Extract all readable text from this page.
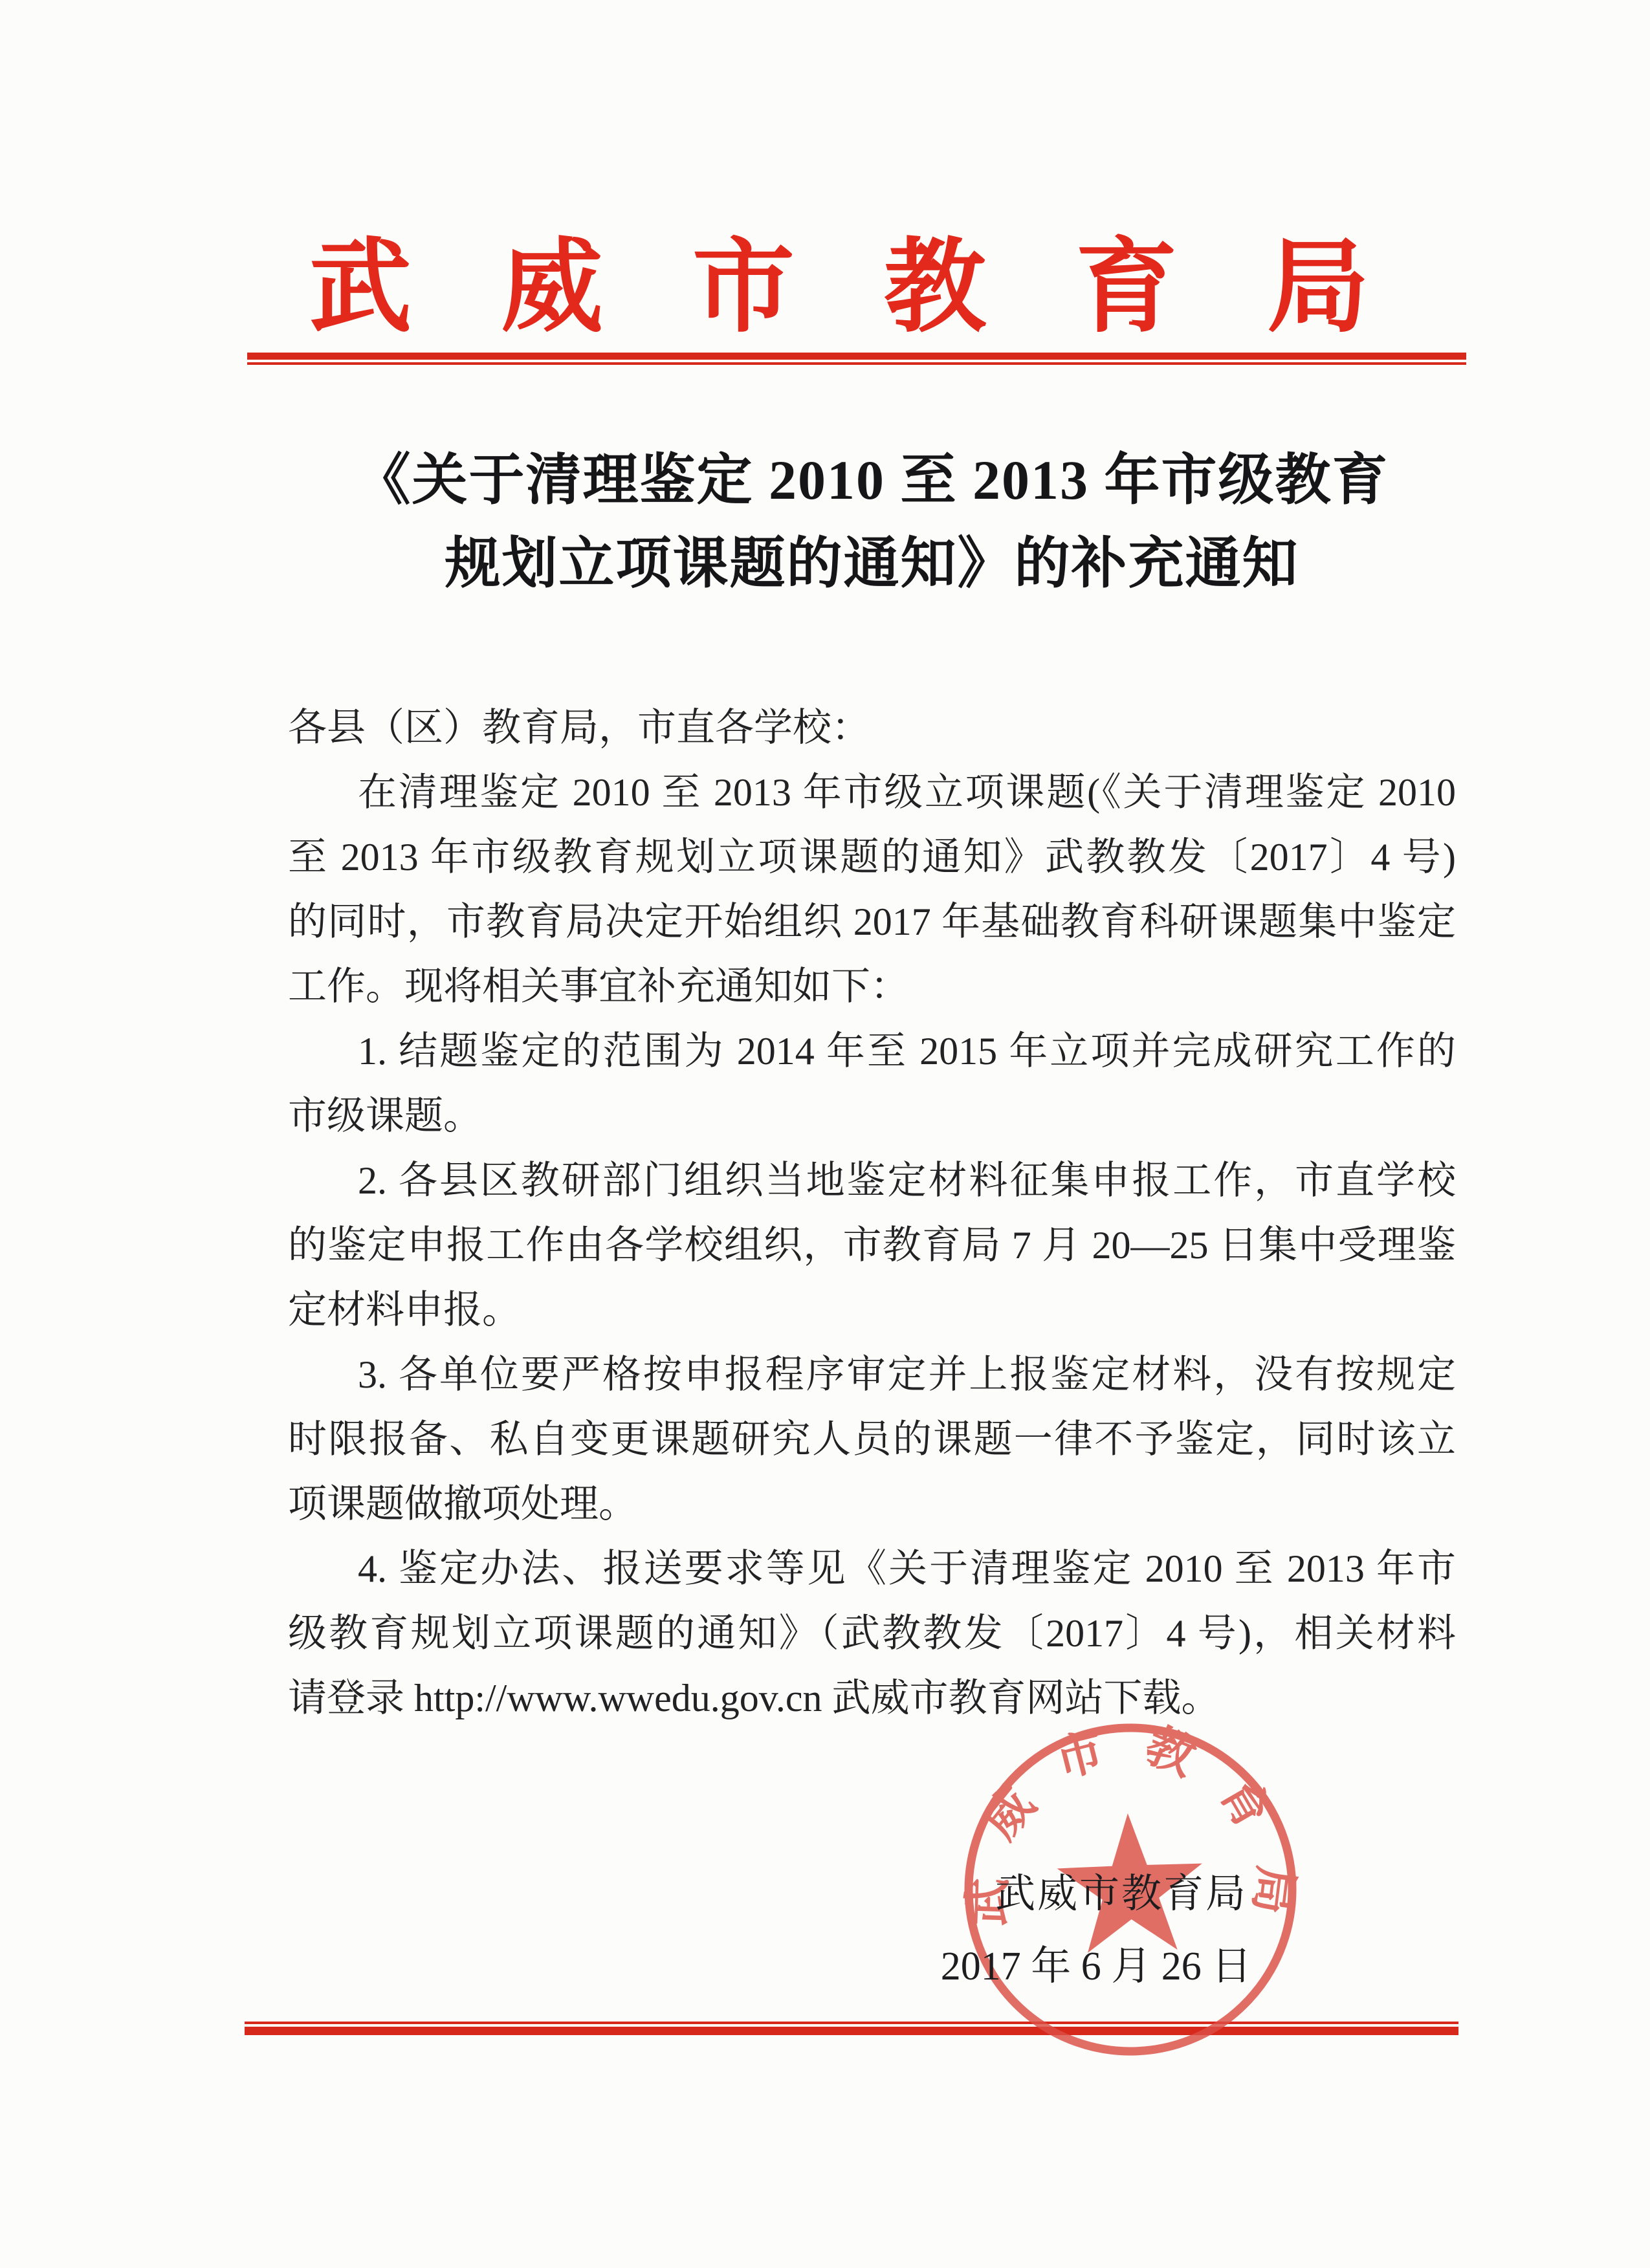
武威市教育局
《关于清理鉴定 2010 至 2013 年市级教育
规划立项课题的通知》的补充通知
各县（区）教育局，市直各学校：
在清理鉴定 2010 至 2013 年市级立项课题(《关于清理鉴定 2010
至 2013 年市级教育规划立项课题的通知》武教教发〔2017〕4 号)
的同时，市教育局决定开始组织 2017 年基础教育科研课题集中鉴定
工作。现将相关事宜补充通知如下：
1. 结题鉴定的范围为 2014 年至 2015 年立项并完成研究工作的
市级课题。
2. 各县区教研部门组织当地鉴定材料征集申报工作，市直学校
的鉴定申报工作由各学校组织，市教育局 7 月 20—25 日集中受理鉴
定材料申报。
3. 各单位要严格按申报程序审定并上报鉴定材料，没有按规定
时限报备、私自变更课题研究人员的课题一律不予鉴定，同时该立
项课题做撤项处理。
4. 鉴定办法、报送要求等见《关于清理鉴定 2010 至 2013 年市
级教育规划立项课题的通知》（武教教发〔2017〕4 号)，相关材料
请登录 http://www.wwedu.gov.cn 武威市教育网站下载。
武威市教育局
武威市教育局
2017 年 6 月 26 日
